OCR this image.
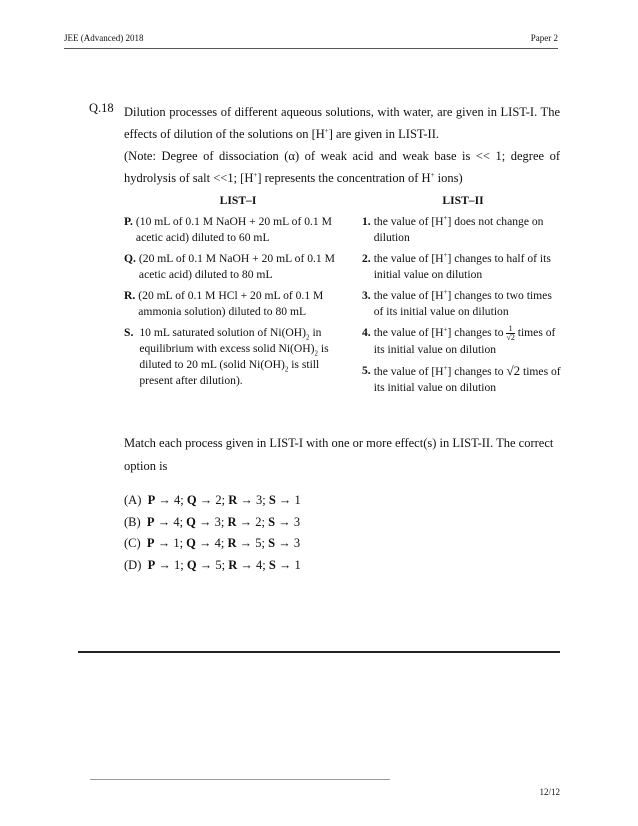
JEE (Advanced) 2018	Paper 2
Q.18 Dilution processes of different aqueous solutions, with water, are given in LIST-I. The effects of dilution of the solutions on [H+] are given in LIST-II.

(Note: Degree of dissociation (α) of weak acid and weak base is << 1; degree of hydrolysis of salt <<1; [H+] represents the concentration of H+ ions)

LIST–I
P. (10 mL of 0.1 M NaOH + 20 mL of 0.1 M acetic acid) diluted to 60 mL
Q. (20 mL of 0.1 M NaOH + 20 mL of 0.1 M acetic acid) diluted to 80 mL
R. (20 mL of 0.1 M HCl + 20 mL of 0.1 M ammonia solution) diluted to 80 mL
S. 10 mL saturated solution of $Ni(OH)_2$ in equilibrium with excess solid $Ni(OH)_2$ is diluted to 20 mL (solid $Ni(OH)_2$ is still present after dilution).
LIST–II
1. the value of [H+] does not change on dilution
2. the value of [H+] changes to half of its initial value on dilution
3. the value of [H+] changes to two times of its initial value on dilution
4. the value of [H+] changes to $\frac{1}{√2}$ times of its initial value on dilution
5. the value of [H+] changes to √2 times of its initial value on dilution

Match each process given in LIST-I with one or more effect(s) in LIST-II. The correct option is

(A)  P → 4; Q → 2; R → 3; S → 1
(B)  P → 4; Q → 3; R → 2; S → 3
(C)  P → 1; Q → 4; R → 5; S → 3
(D)  P → 1; Q → 5; R → 4; S → 1
12/12
